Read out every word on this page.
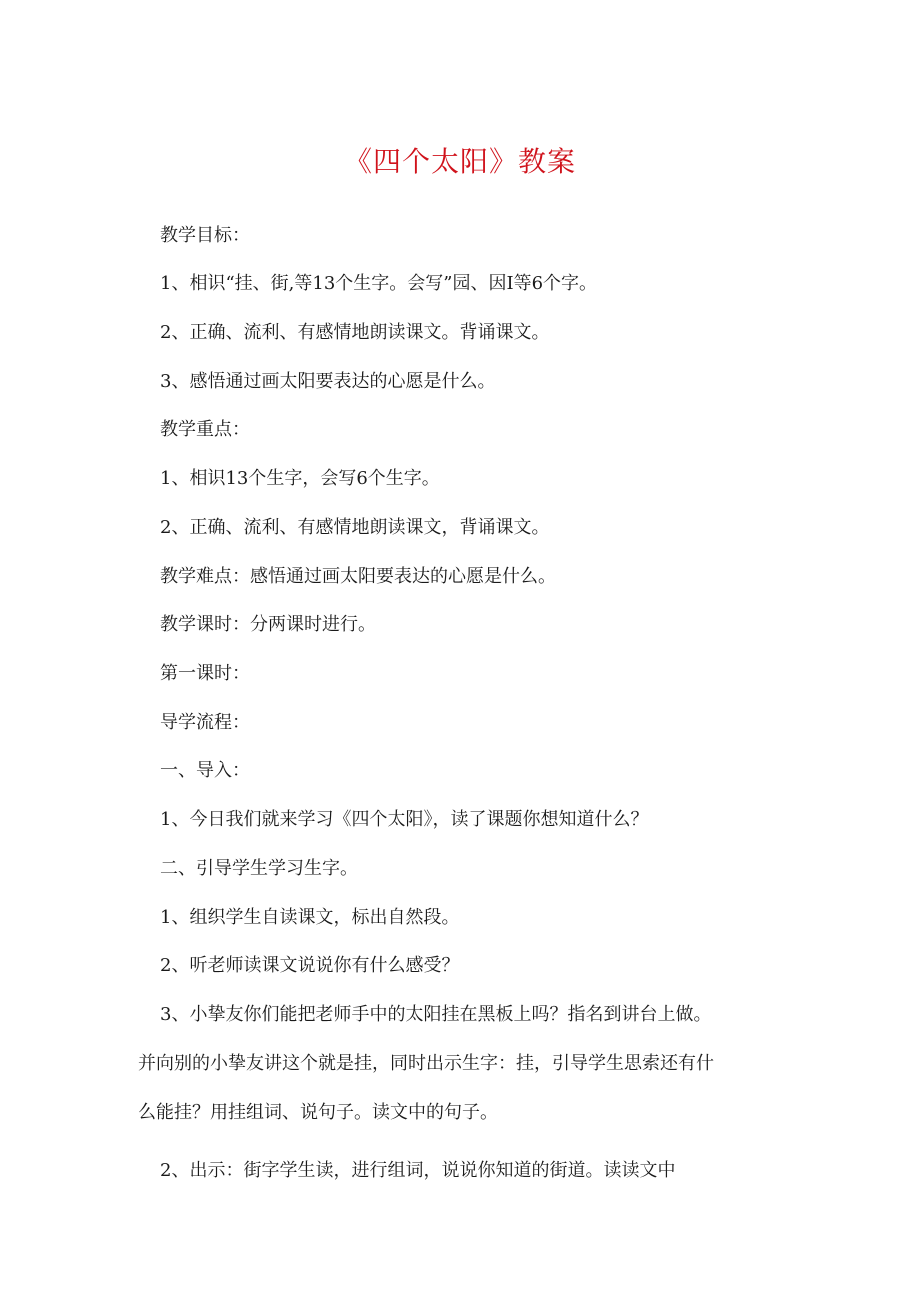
《四个太阳》教案

教学目标：

1、相识“挂、街,等13个生字。会写”园、因I等6个字。

2、正确、流利、有感情地朗读课文。背诵课文。

3、感悟通过画太阳要表达的心愿是什么。

教学重点：

1、相识13个生字，会写6个生字。

2、正确、流利、有感情地朗读课文，背诵课文。

教学难点：感悟通过画太阳要表达的心愿是什么。

教学课时：分两课时进行。

第一课时：

导学流程：

一、导入：

1、今日我们就来学习《四个太阳》，读了课题你想知道什么？

二、引导学生学习生字。

1、组织学生自读课文，标出自然段。

2、听老师读课文说说你有什么感受？

3、小挚友你们能把老师手中的太阳挂在黑板上吗？指名到讲台上做。

并向别的小挚友讲这个就是挂，同时出示生字：挂，引导学生思索还有什

么能挂？用挂组词、说句子。读文中的句子。

2、出示：街字学生读，进行组词，说说你知道的街道。读读文中
